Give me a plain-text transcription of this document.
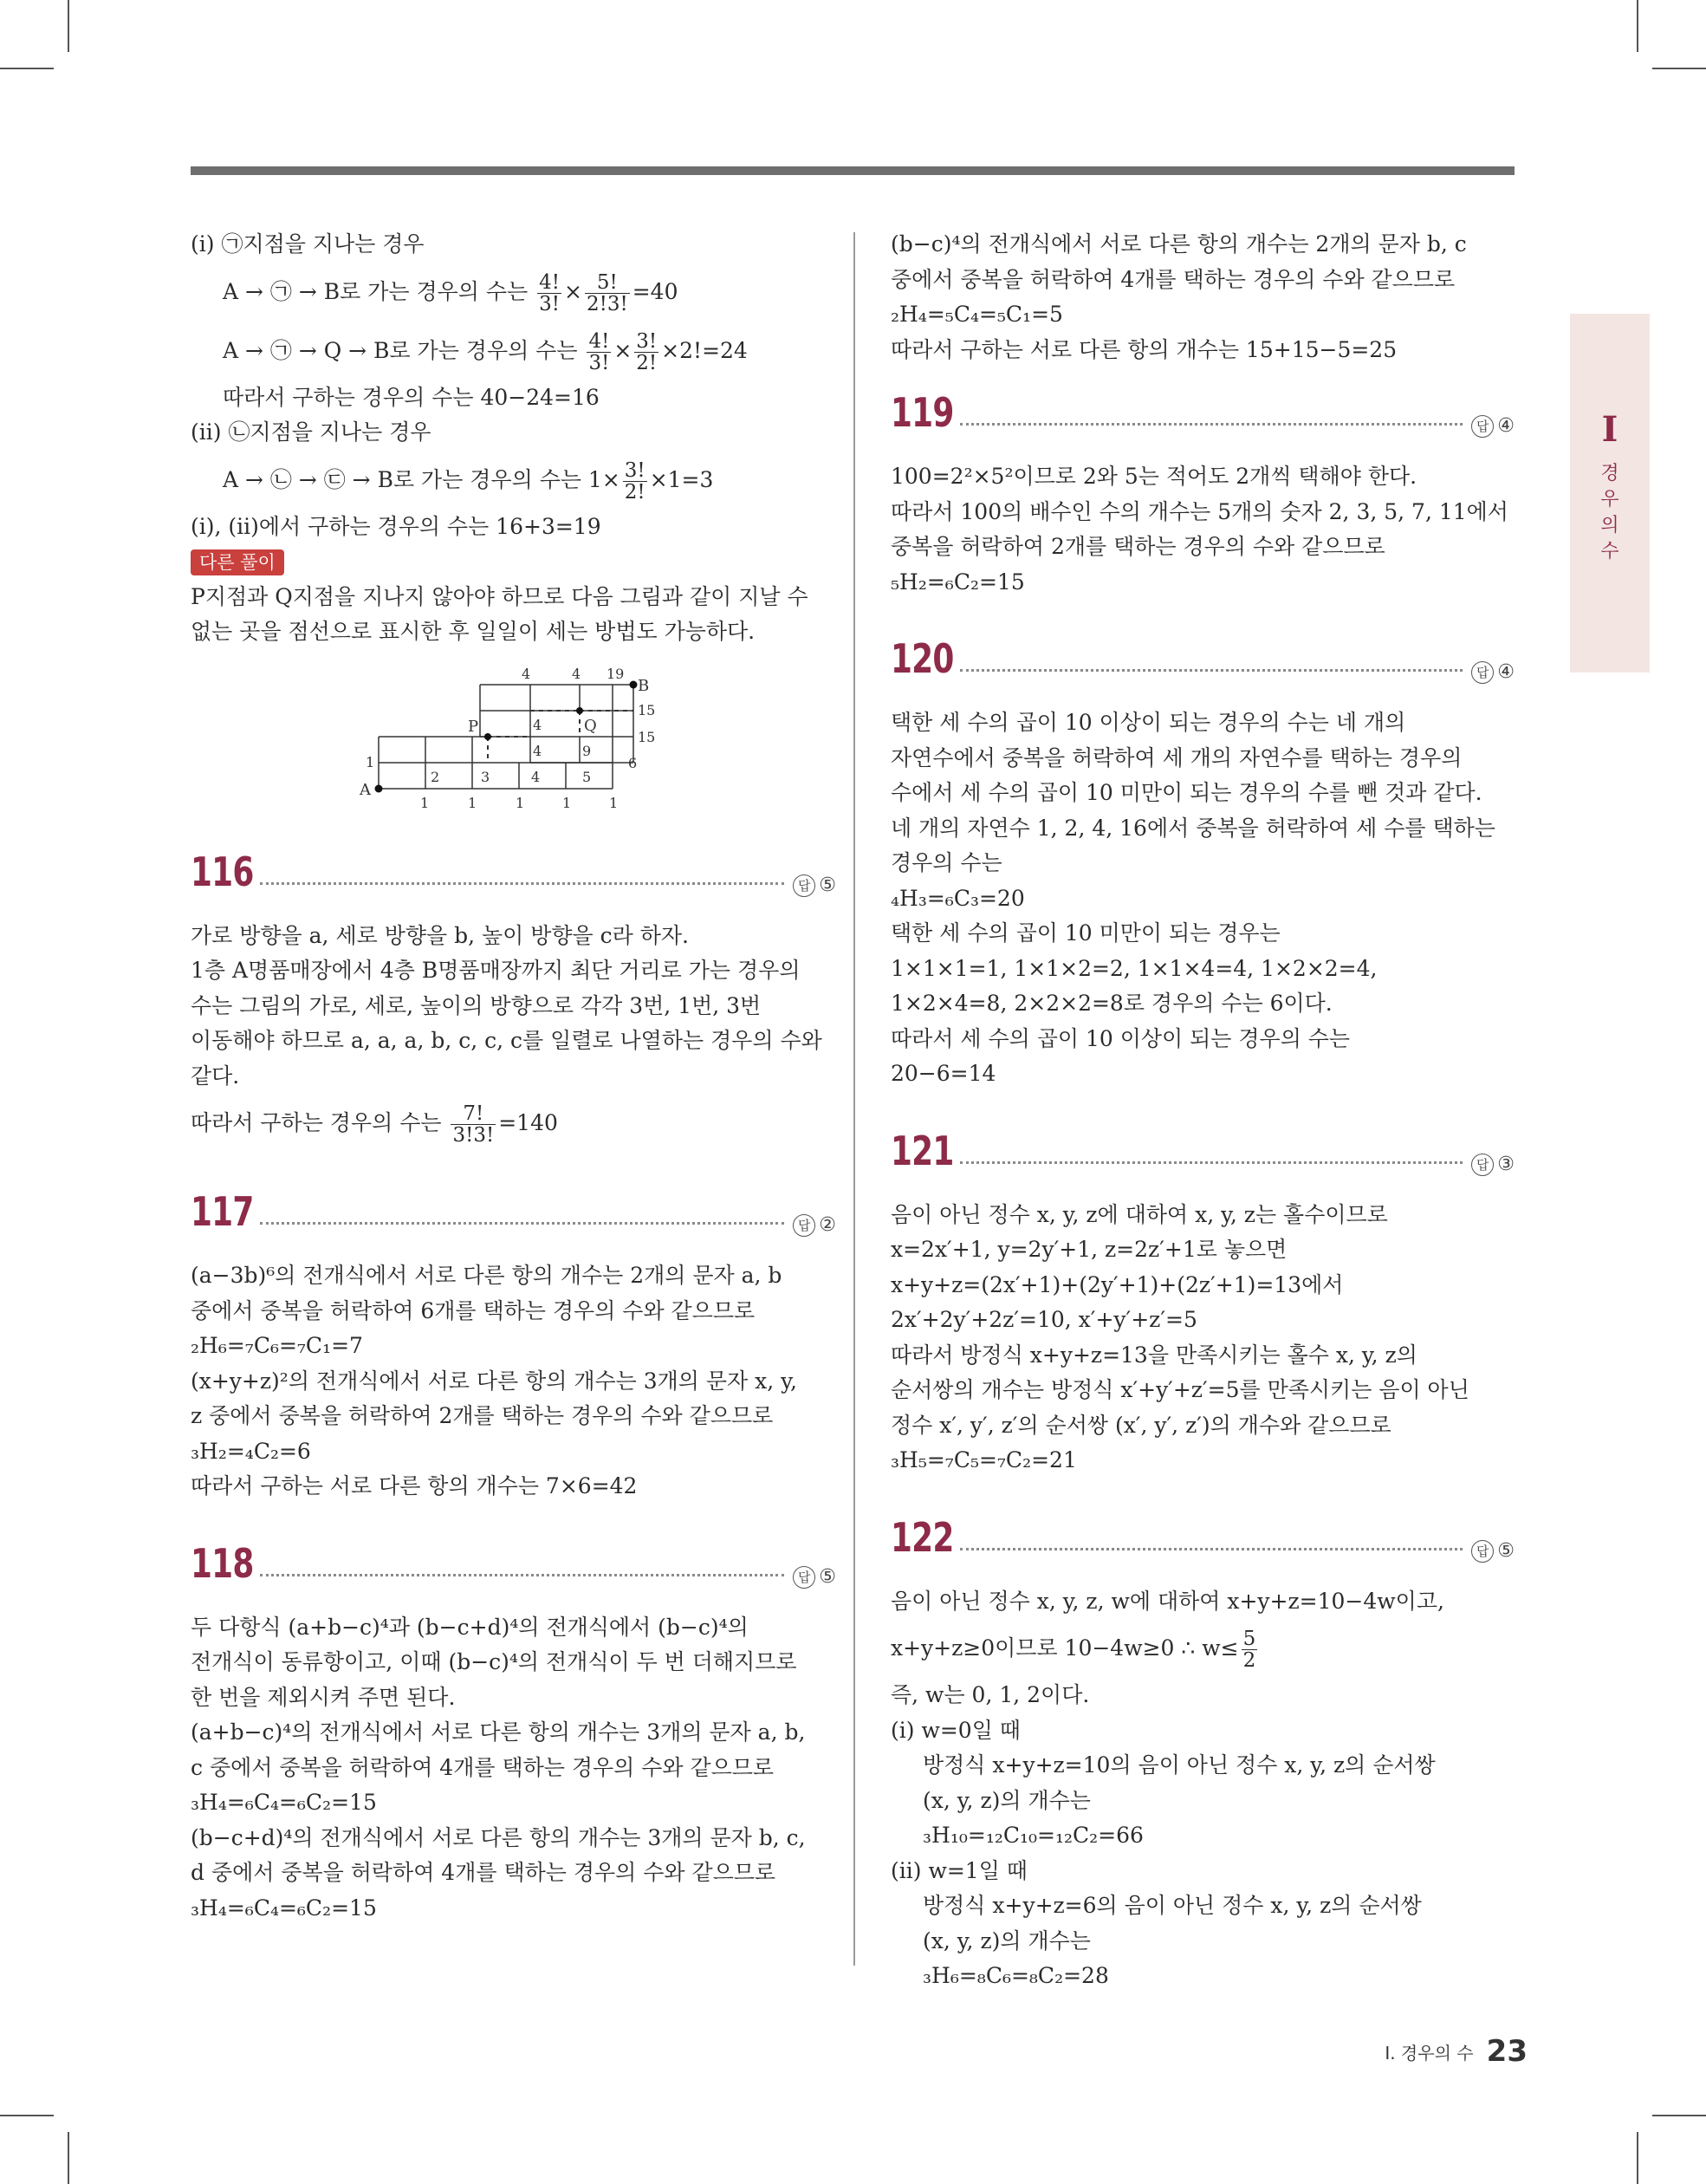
I
경
우
의
수
(ⅰ) ㉠지점을 지나는 경우
A → ㉠ → B로 가는 경우의 수는 $\frac{4!}{3!} \times \frac{5!}{2!3!} =40$
A → ㉠ → Q → B로 가는 경우의 수는 $\frac{4!}{3!} \times \frac{3!}{2!} \times 2!=24$
따라서 구하는 경우의 수는 40−24=16
(ⅱ) ㉡지점을 지나는 경우
A → ㉡ → ㉢ → B로 가는 경우의 수는 $1\times \frac{3!}{2!} \times 1=3$
(ⅰ), (ⅱ)에서 구하는 경우의 수는 16+3=19
다른 풀이
P지점과 Q지점을 지나지 않아야 하므로 다음 그림과 같이 지날 수
없는 곳을 점선으로 표시한 후 일일이 세는 방법도 가능하다.
A
B
P	Q
4	4 19
15
15
6
4
4	9
2	3	4	5
1
1	1	1	1	1
116	답 ⑤
가로 방향을 a, 세로 방향을 b, 높이 방향을 c라 하자.
1층 A명품매장에서 4층 B명품매장까지 최단 거리로 가는 경우의
수는 그림의 가로, 세로, 높이의 방향으로 각각 3번, 1번, 3번
이동해야 하므로 a, a, a, b, c, c, c를 일렬로 나열하는 경우의 수와
같다.
따라서 구하는 경우의 수는 $\frac{7!}{3!3!} =140$
117	답 ②
(a−3b)⁶의 전개식에서 서로 다른 항의 개수는 2개의 문자 a, b
중에서 중복을 허락하여 6개를 택하는 경우의 수와 같으므로
₂H₆=₇C₆=₇C₁=7
(x+y+z)²의 전개식에서 서로 다른 항의 개수는 3개의 문자 x, y,
z 중에서 중복을 허락하여 2개를 택하는 경우의 수와 같으므로
₃H₂=₄C₂=6
따라서 구하는 서로 다른 항의 개수는 7×6=42
118	답 ⑤
두 다항식 (a+b−c)⁴과 (b−c+d)⁴의 전개식에서 (b−c)⁴의
전개식이 동류항이고, 이때 (b−c)⁴의 전개식이 두 번 더해지므로
한 번을 제외시켜 주면 된다.
(a+b−c)⁴의 전개식에서 서로 다른 항의 개수는 3개의 문자 a, b,
c 중에서 중복을 허락하여 4개를 택하는 경우의 수와 같으므로
₃H₄=₆C₄=₆C₂=15
(b−c+d)⁴의 전개식에서 서로 다른 항의 개수는 3개의 문자 b, c,
d 중에서 중복을 허락하여 4개를 택하는 경우의 수와 같으므로
₃H₄=₆C₄=₆C₂=15
(b−c)⁴의 전개식에서 서로 다른 항의 개수는 2개의 문자 b, c
중에서 중복을 허락하여 4개를 택하는 경우의 수와 같으므로
₂H₄=₅C₄=₅C₁=5
따라서 구하는 서로 다른 항의 개수는 15+15−5=25
119	답 ④
100=2²×5²이므로 2와 5는 적어도 2개씩 택해야 한다.
따라서 100의 배수인 수의 개수는 5개의 숫자 2, 3, 5, 7, 11에서
중복을 허락하여 2개를 택하는 경우의 수와 같으므로
₅H₂=₆C₂=15
120	답 ④
택한 세 수의 곱이 10 이상이 되는 경우의 수는 네 개의
자연수에서 중복을 허락하여 세 개의 자연수를 택하는 경우의
수에서 세 수의 곱이 10 미만이 되는 경우의 수를 뺀 것과 같다.
네 개의 자연수 1, 2, 4, 16에서 중복을 허락하여 세 수를 택하는
경우의 수는
₄H₃=₆C₃=20
택한 세 수의 곱이 10 미만이 되는 경우는
1×1×1=1, 1×1×2=2, 1×1×4=4, 1×2×2=4,
1×2×4=8, 2×2×2=8로 경우의 수는 6이다.
따라서 세 수의 곱이 10 이상이 되는 경우의 수는
20−6=14
121	답 ③
음이 아닌 정수 x, y, z에 대하여 x, y, z는 홀수이므로
x=2x′+1, y=2y′+1, z=2z′+1로 놓으면
x+y+z=(2x′+1)+(2y′+1)+(2z′+1)=13에서
2x′+2y′+2z′=10, x′+y′+z′=5
따라서 방정식 x+y+z=13을 만족시키는 홀수 x, y, z의
순서쌍의 개수는 방정식 x′+y′+z′=5를 만족시키는 음이 아닌
정수 x′, y′, z′의 순서쌍 (x′, y′, z′)의 개수와 같으므로
₃H₅=₇C₅=₇C₂=21
122	답 ⑤
음이 아닌 정수 x, y, z, w에 대하여 x+y+z=10−4w이고,
x+y+z≥0이므로 10−4w≥0 ∴ $w\le \frac{5}{2}$
즉, w는 0, 1, 2이다.
(ⅰ) w=0일 때
방정식 x+y+z=10의 음이 아닌 정수 x, y, z의 순서쌍
(x, y, z)의 개수는
₃H₁₀=₁₂C₁₀=₁₂C₂=66
(ⅱ) w=1일 때
방정식 x+y+z=6의 음이 아닌 정수 x, y, z의 순서쌍
(x, y, z)의 개수는
₃H₆=₈C₆=₈C₂=28
Ⅰ. 경우의 수 23
